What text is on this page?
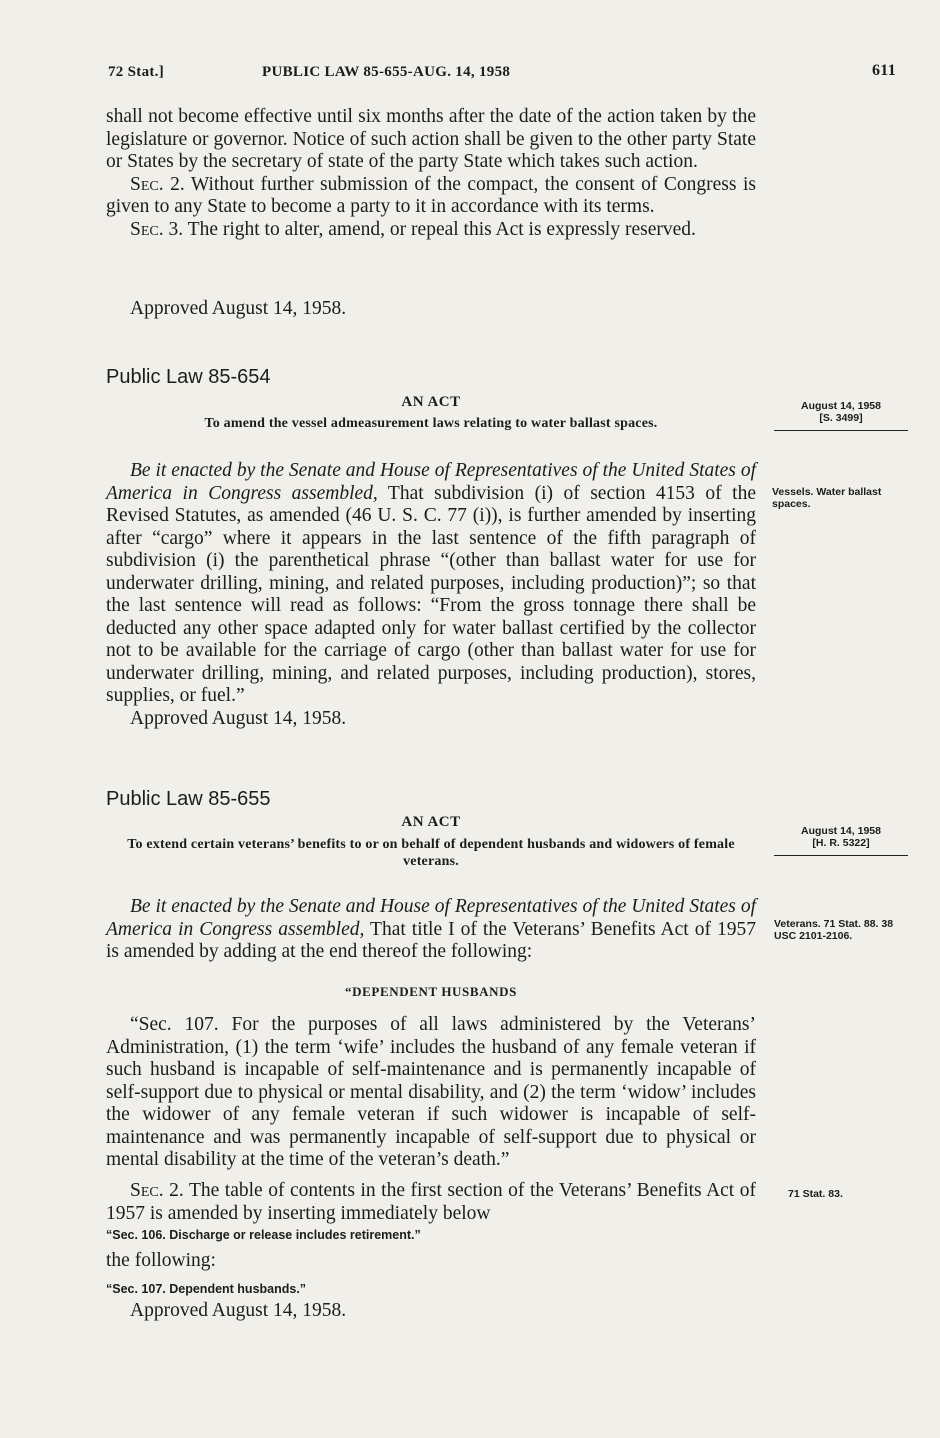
72 Stat.]	PUBLIC LAW 85-655-AUG. 14, 1958	611

shall not become effective until six months after the date of the action taken by the legislature or governor. Notice of such action shall be given to the other party State or States by the secretary of state of the party State which takes such action.

Sec. 2. Without further submission of the compact, the consent of Congress is given to any State to become a party to it in accordance with its terms.

Sec. 3. The right to alter, amend, or repeal this Act is expressly reserved.

Approved August 14, 1958.
Public Law 85-654
AN ACT
To amend the vessel admeasurement laws relating to water ballast spaces.
August 14, 1958
[S. 3499]

Be it enacted by the Senate and House of Representatives of the United States of America in Congress assembled, That subdivision (i) of section 4153 of the Revised Statutes, as amended (46 U. S. C. 77 (i)), is further amended by inserting after “cargo” where it appears in the last sentence of the fifth paragraph of subdivision (i) the parenthetical phrase “(other than ballast water for use for underwater drilling, mining, and related purposes, including production)”; so that the last sentence will read as follows: “From the gross tonnage there shall be deducted any other space adapted only for water ballast certified by the collector not to be available for the carriage of cargo (other than ballast water for use for underwater drilling, mining, and related purposes, including production), stores, supplies, or fuel.”

Vessels. Water ballast spaces.
Approved August 14, 1958.
Public Law 85-655
AN ACT
To extend certain veterans’ benefits to or on behalf of dependent husbands and widowers of female veterans.
August 14, 1958
[H. R. 5322]

Be it enacted by the Senate and House of Representatives of the United States of America in Congress assembled, That title I of the Veterans’ Benefits Act of 1957 is amended by adding at the end thereof the following:

Veterans. 71 Stat. 88. 38 USC 2101-2106.
“DEPENDENT HUSBANDS

“Sec. 107. For the purposes of all laws administered by the Veterans’ Administration, (1) the term ‘wife’ includes the husband of any female veteran if such husband is incapable of self-maintenance and is permanently incapable of self-support due to physical or mental disability, and (2) the term ‘widow’ includes the widower of any female veteran if such widower is incapable of self-maintenance and was permanently incapable of self-support due to physical or mental disability at the time of the veteran’s death.”

Sec. 2. The table of contents in the first section of the Veterans’ Benefits Act of 1957 is amended by inserting immediately below

71 Stat. 83.
“Sec. 106. Discharge or release includes retirement.”
the following:
“Sec. 107. Dependent husbands.”
Approved August 14, 1958.
